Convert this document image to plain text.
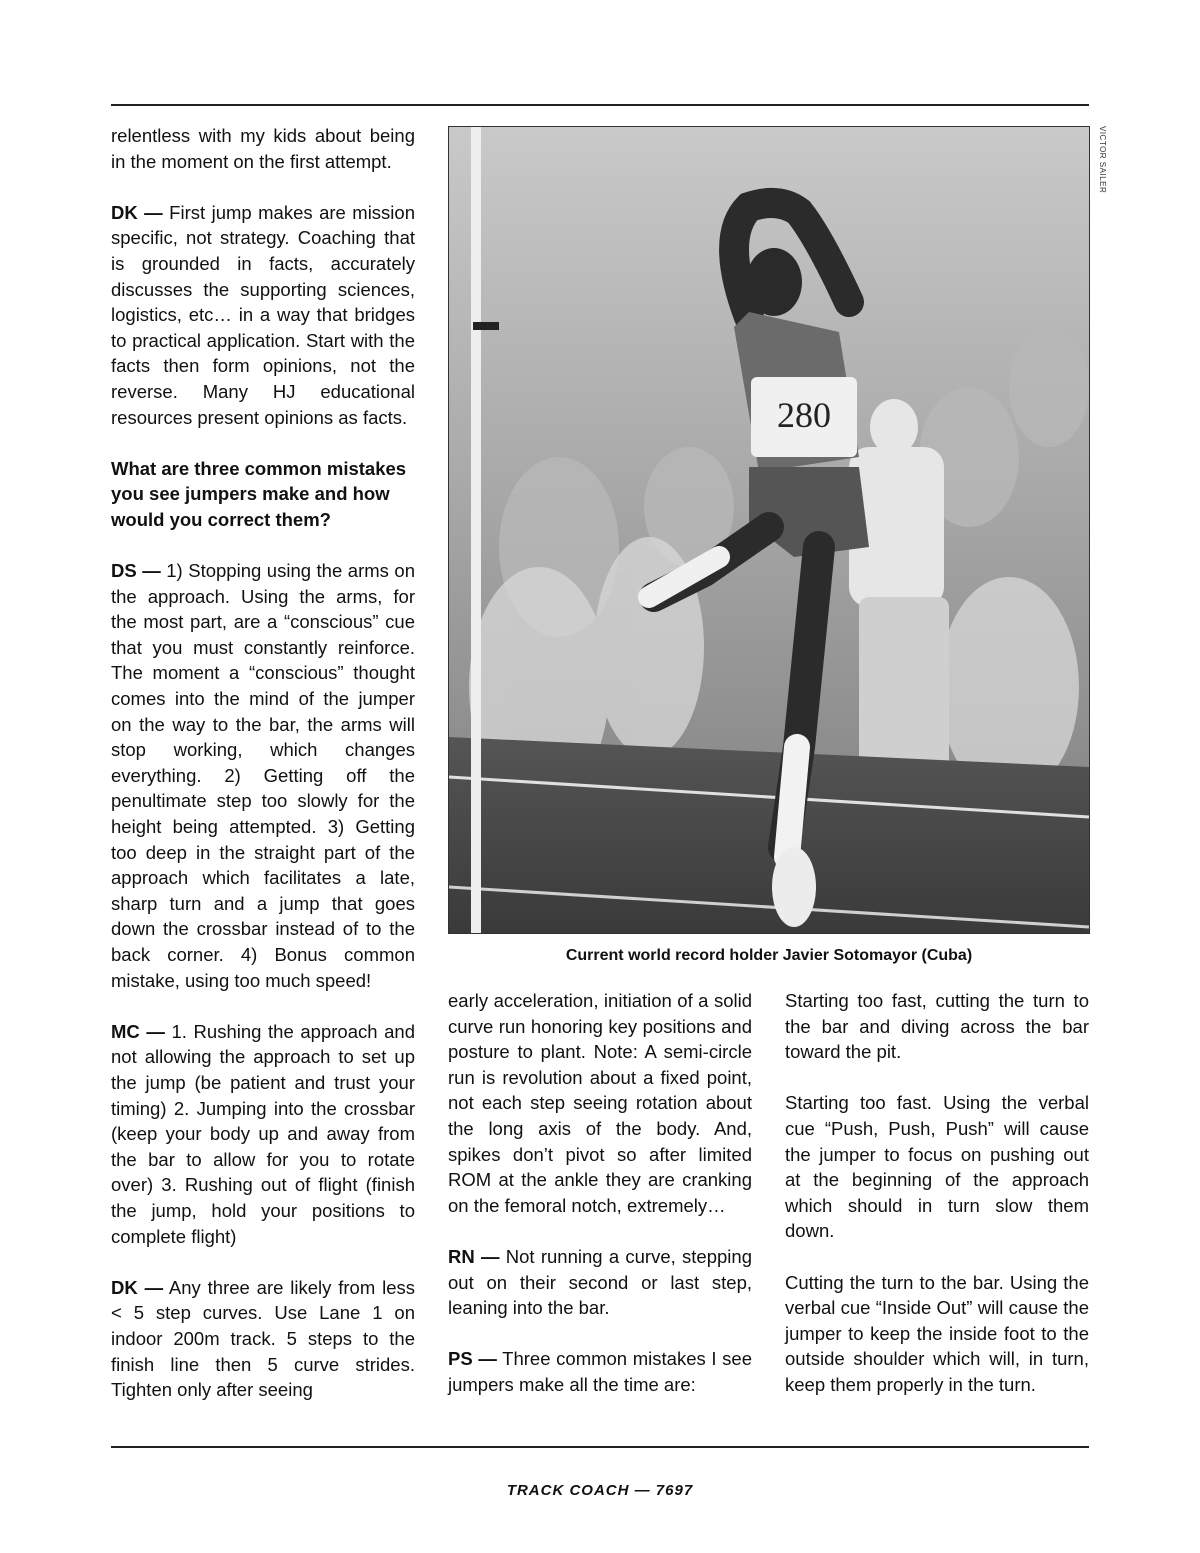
relentless with my kids about being in the moment on the first attempt.

DK — First jump makes are mission specific, not strategy. Coaching that is grounded in facts, accurately discusses the supporting sciences, logistics, etc… in a way that bridges to practical application. Start with the facts then form opinions, not the reverse. Many HJ educational resources present opinions as facts.

What are three common mistakes you see jumpers make and how would you correct them?

DS — 1) Stopping using the arms on the approach. Using the arms, for the most part, are a “conscious” cue that you must constantly reinforce. The moment a “conscious” thought comes into the mind of the jumper on the way to the bar, the arms will stop working, which changes everything. 2) Getting off the penultimate step too slowly for the height being attempted. 3) Getting too deep in the straight part of the approach which facilitates a late, sharp turn and a jump that goes down the crossbar instead of to the back corner. 4) Bonus common mistake, using too much speed!

MC — 1. Rushing the approach and not allowing the approach to set up the jump (be patient and trust your timing) 2. Jumping into the crossbar (keep your body up and away from the bar to allow for you to rotate over) 3. Rushing out of flight (finish the jump, hold your positions to complete flight)

DK — Any three are likely from less < 5 step curves. Use Lane 1 on indoor 200m track. 5 steps to the finish line then 5 curve strides. Tighten only after seeing

280
VICTOR SAILER
Current world record holder Javier Sotomayor (Cuba)

early acceleration, initiation of a solid curve run honoring key positions and posture to plant. Note: A semi-circle run is revolution about a fixed point, not each step seeing rotation about the long axis of the body. And, spikes don’t pivot so after limited ROM at the ankle they are cranking on the femoral notch, extremely…

RN — Not running a curve, stepping out on their second or last step, leaning into the bar.

PS — Three common mistakes I see jumpers make all the time are:

Starting too fast, cutting the turn to the bar and diving across the bar toward the pit.

Starting too fast. Using the verbal cue “Push, Push, Push” will cause the jumper to focus on pushing out at the beginning of the approach which should in turn slow them down.

Cutting the turn to the bar. Using the verbal cue “Inside Out” will cause the jumper to keep the inside foot to the outside shoulder which will, in turn, keep them properly in the turn.

TRACK COACH — 7697
